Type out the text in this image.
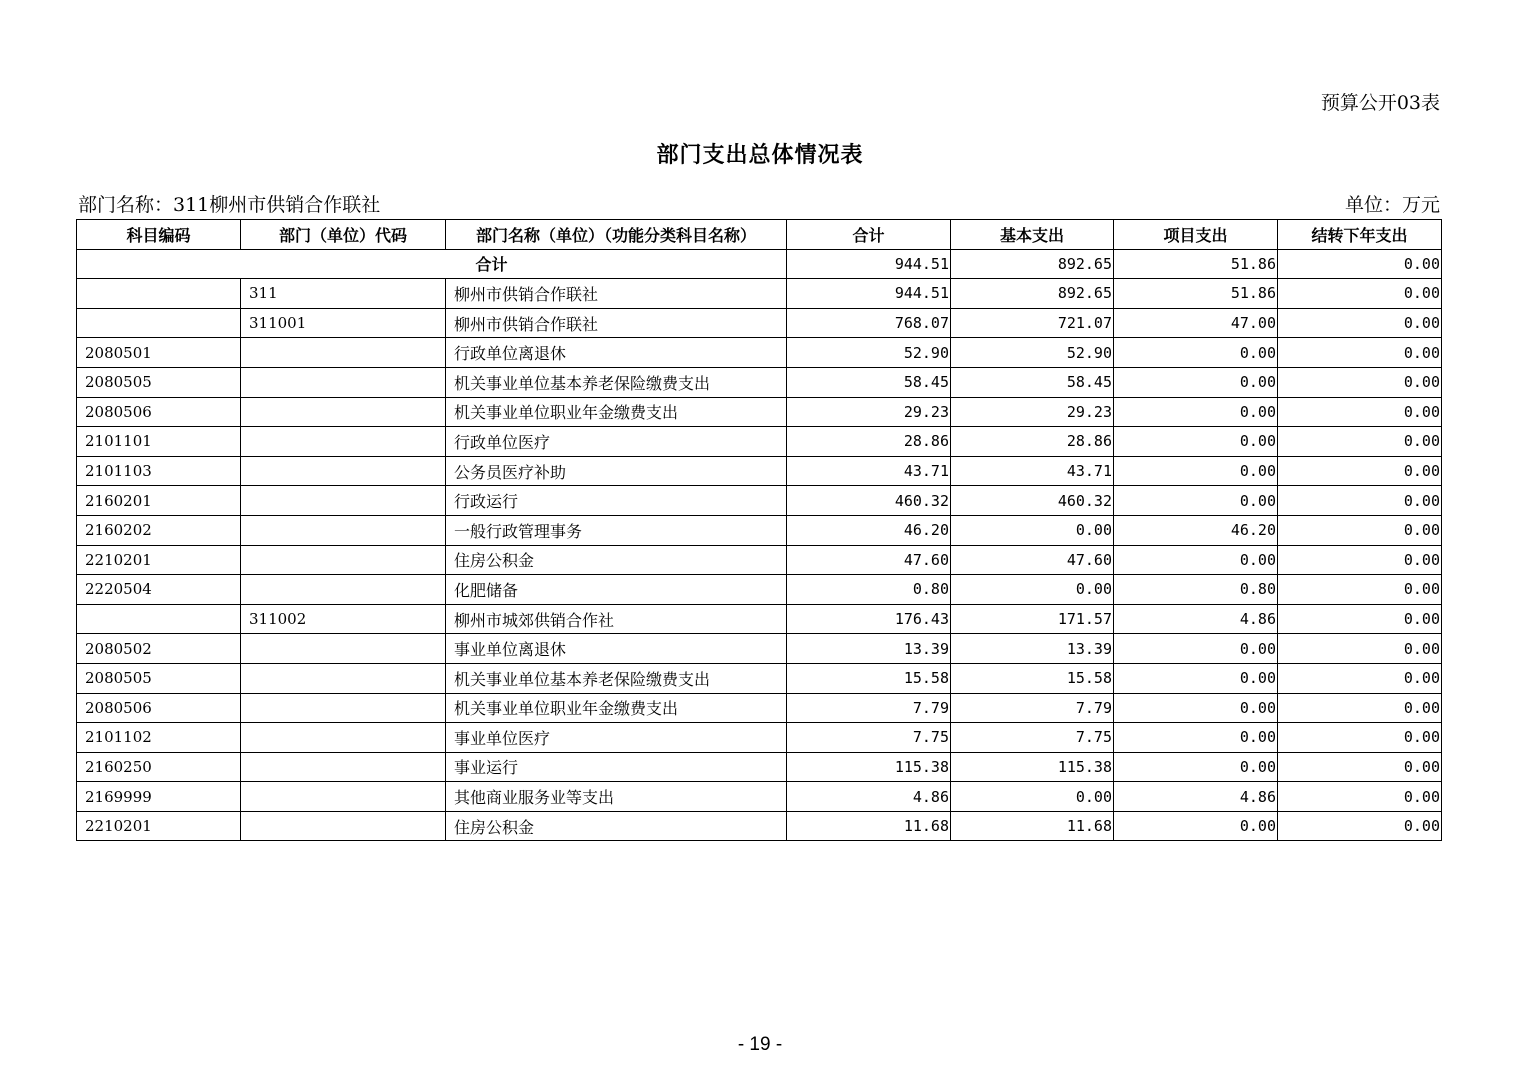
预算公开03表
部门支出总体情况表
部门名称：311柳州市供销合作联社	单位：万元
科目编码	部门（单位）代码	部门名称（单位）（功能分类科目名称）	合计	基本支出	项目支出	结转下年支出
合计			944.51	892.65	51.86	0.00
	311	柳州市供销合作联社	944.51	892.65	51.86	0.00
	311001	柳州市供销合作联社	768.07	721.07	47.00	0.00
2080501		行政单位离退休	52.90	52.90	0.00	0.00
2080505		机关事业单位基本养老保险缴费支出	58.45	58.45	0.00	0.00
2080506		机关事业单位职业年金缴费支出	29.23	29.23	0.00	0.00
2101101		行政单位医疗	28.86	28.86	0.00	0.00
2101103		公务员医疗补助	43.71	43.71	0.00	0.00
2160201		行政运行	460.32	460.32	0.00	0.00
2160202		一般行政管理事务	46.20	0.00	46.20	0.00
2210201		住房公积金	47.60	47.60	0.00	0.00
2220504		化肥储备	0.80	0.00	0.80	0.00
	311002	柳州市城郊供销合作社	176.43	171.57	4.86	0.00
2080502		事业单位离退休	13.39	13.39	0.00	0.00
2080505		机关事业单位基本养老保险缴费支出	15.58	15.58	0.00	0.00
2080506		机关事业单位职业年金缴费支出	7.79	7.79	0.00	0.00
2101102		事业单位医疗	7.75	7.75	0.00	0.00
2160250		事业运行	115.38	115.38	0.00	0.00
2169999		其他商业服务业等支出	4.86	0.00	4.86	0.00
2210201		住房公积金	11.68	11.68	0.00	0.00
- 19 -
